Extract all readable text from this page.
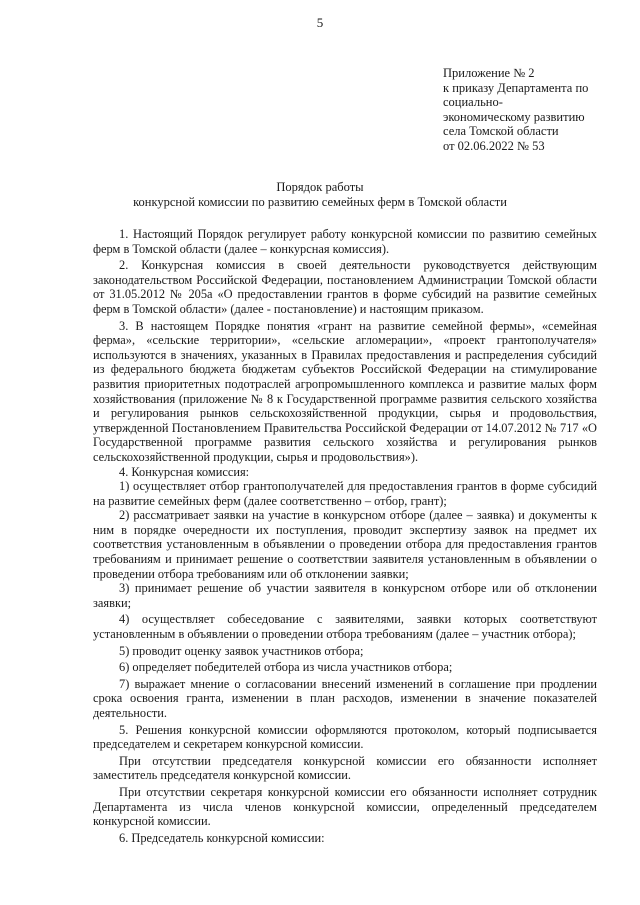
5
Приложение № 2
к приказу Департамента по
социально-
экономическому развитию
села Томской области
от 02.06.2022 № 53
Порядок работы
конкурсной комиссии по развитию семейных ферм в Томской области

1. Настоящий Порядок регулирует работу конкурсной комиссии по развитию семейных ферм в Томской области (далее – конкурсная комиссия).

2. Конкурсная комиссия в своей деятельности руководствуется действующим законодательством Российской Федерации, постановлением Администрации Томской области от 31.05.2012 № 205а «О предоставлении грантов в форме субсидий на развитие семейных ферм в Томской области» (далее - постановление) и настоящим приказом.

3. В настоящем Порядке понятия «грант на развитие семейной фермы», «семейная ферма», «сельские территории», «сельские агломерации», «проект грантополучателя» используются в значениях, указанных в Правилах предоставления и распределения субсидий из федерального бюджета бюджетам субъектов Российской Федерации на стимулирование развития приоритетных подотраслей агропромышленного комплекса и развитие малых форм хозяйствования (приложение № 8 к Государственной программе развития сельского хозяйства и регулирования рынков сельскохозяйственной продукции, сырья и продовольствия, утвержденной Постановлением Правительства Российской Федерации от 14.07.2012 № 717 «О Государственной программе развития сельского хозяйства и регулирования рынков сельскохозяйственной продукции, сырья и продовольствия»).

4. Конкурсная комиссия:

1) осуществляет отбор грантополучателей для предоставления грантов в форме субсидий на развитие семейных ферм (далее соответственно – отбор, грант);

2) рассматривает заявки на участие в конкурсном отборе (далее – заявка) и документы к ним в порядке очередности их поступления, проводит экспертизу заявок на предмет их соответствия установленным в объявлении о проведении отбора для предоставления грантов требованиям и принимает решение о соответствии заявителя установленным в объявлении о проведении отбора требованиям или об отклонении заявки;

3) принимает решение об участии заявителя в конкурсном отборе или об отклонении заявки;

4) осуществляет собеседование с заявителями, заявки которых соответствуют установленным в объявлении о проведении отбора требованиям (далее – участник отбора);

5) проводит оценку заявок участников отбора;

6) определяет победителей отбора из числа участников отбора;

7) выражает мнение о согласовании внесений изменений в соглашение при продлении срока освоения гранта, изменении в план расходов, изменении в значение показателей деятельности.

5. Решения конкурсной комиссии оформляются протоколом, который подписывается председателем и секретарем конкурсной комиссии.

При отсутствии председателя конкурсной комиссии его обязанности исполняет заместитель председателя конкурсной комиссии.

При отсутствии секретаря конкурсной комиссии его обязанности исполняет сотрудник Департамента из числа членов конкурсной комиссии, определенный председателем конкурсной комиссии.

6. Председатель конкурсной комиссии:
